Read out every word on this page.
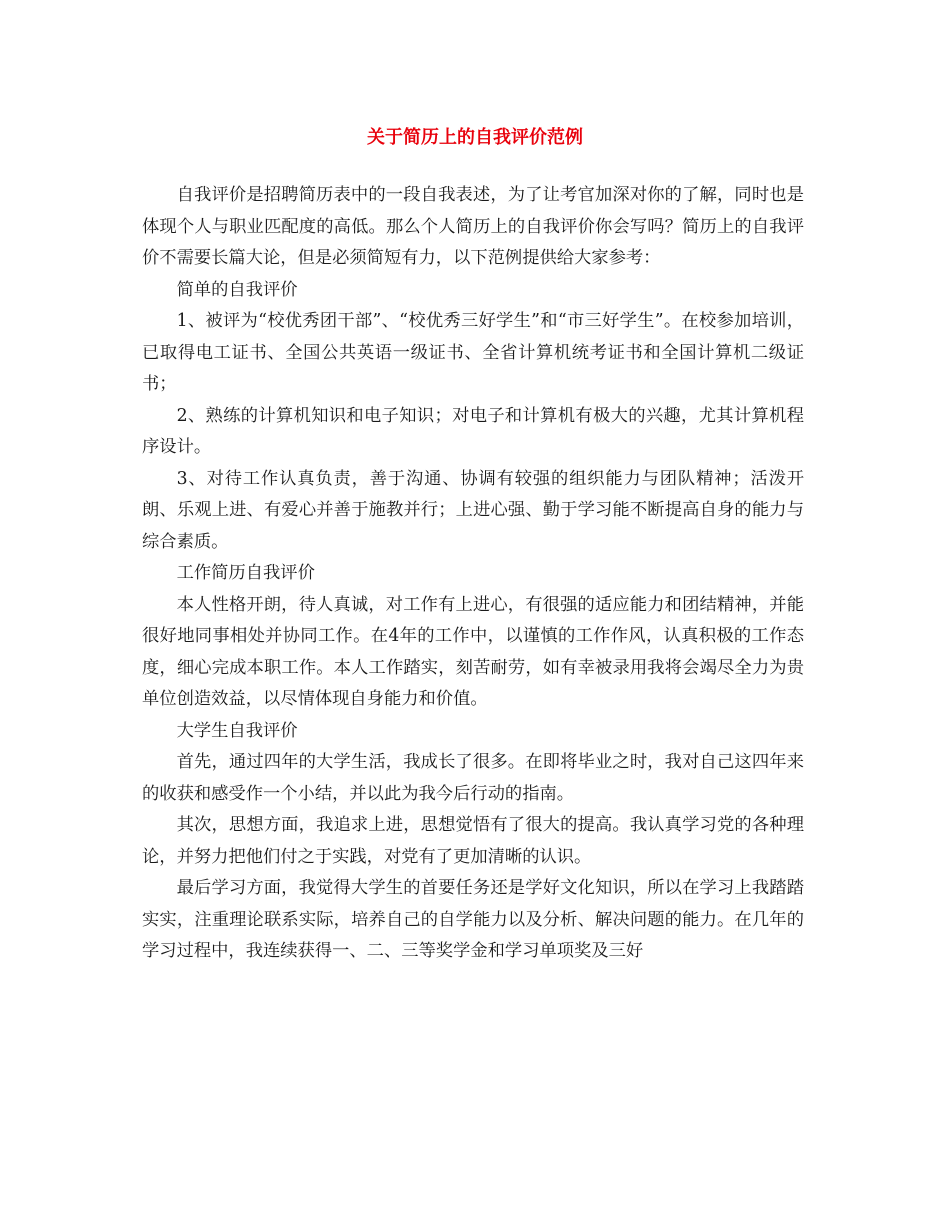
关于简历上的自我评价范例

自我评价是招聘简历表中的一段自我表述，为了让考官加深对你的了解，同时也是体现个人与职业匹配度的高低。那么个人简历上的自我评价你会写吗？简历上的自我评价不需要长篇大论，但是必须简短有力，以下范例提供给大家参考：

简单的自我评价

1、被评为“校优秀团干部”、“校优秀三好学生”和“市三好学生”。在校参加培训，已取得电工证书、全国公共英语一级证书、全省计算机统考证书和全国计算机二级证书；

2、熟练的计算机知识和电子知识；对电子和计算机有极大的兴趣，尤其计算机程序设计。

3、对待工作认真负责，善于沟通、协调有较强的组织能力与团队精神；活泼开朗、乐观上进、有爱心并善于施教并行；上进心强、勤于学习能不断提高自身的能力与综合素质。

工作简历自我评价

本人性格开朗，待人真诚，对工作有上进心，有很强的适应能力和团结精神，并能很好地同事相处并协同工作。在4年的工作中，以谨慎的工作作风，认真积极的工作态度，细心完成本职工作。本人工作踏实，刻苦耐劳，如有幸被录用我将会竭尽全力为贵单位创造效益，以尽情体现自身能力和价值。

大学生自我评价

首先，通过四年的大学生活，我成长了很多。在即将毕业之时，我对自己这四年来的收获和感受作一个小结，并以此为我今后行动的指南。

其次，思想方面，我追求上进，思想觉悟有了很大的提高。我认真学习党的各种理论，并努力把他们付之于实践，对党有了更加清晰的认识。

最后学习方面，我觉得大学生的首要任务还是学好文化知识，所以在学习上我踏踏实实，注重理论联系实际，培养自己的自学能力以及分析、解决问题的能力。在几年的学习过程中，我连续获得一、二、三等奖学金和学习单项奖及三好
